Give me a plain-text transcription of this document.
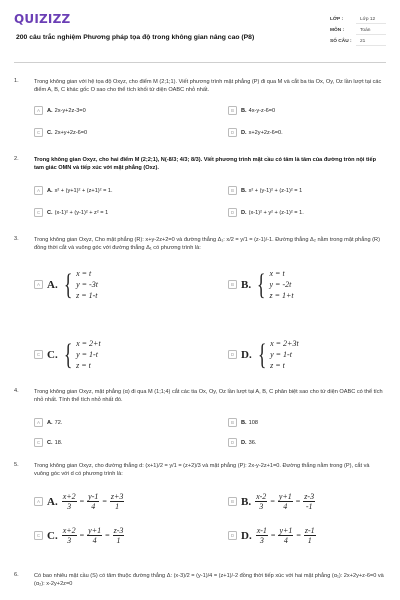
QUIZIZZ
200 câu trắc nghiệm Phương pháp tọa độ trong không gian nâng cao (P8)
LỚP :	Lớp 12
MÔN :	Toán
SỐ CÂU :	21
1.	Trong không gian với hệ tọa độ Oxyz, cho điểm M (2;1;1). Viết phương trình mặt phẳng (P) đi qua M và cắt ba tia Ox, Oy, Oz lần lượt tại các điểm A, B, C khác gốc O sao cho thể tích khối tứ diện OABC nhỏ nhất.
A	A. 2x-y+2z-3=0	B	B. 4x-y-z-6=0
C	C. 2x+y+2z-6=0	D	D. x+2y+2z-6=0.
2.	Trong không gian Oxyz, cho hai điểm M (2;2;1), N(-8/3; 4/3; 8/3). Viết phương trình mặt cầu có tâm là tâm của đường tròn nội tiếp tam giác OMN và tiếp xúc với mặt phẳng (Oxz).
A	A. x² + (y+1)² + (z+1)² = 1.	B	B. x² + (y-1)² + (z-1)² = 1
C	C. (x-1)² + (y-1)² + z² = 1	D	D. (x-1)² + y² + (z-1)² = 1.
3.	Trong không gian Oxyz, Cho mặt phẳng (R): x+y-2z+2=0 và đường thẳng Δ₁: x/2 = y/1 = (z-1)/-1. Đường thẳng Δ₂ nằm trong mặt phẳng (R) đồng thời cắt và vuông góc với đường thẳng Δ₁ có phương trình là:
A A. { x = t
y = -3t
z = 1-t
B B. { x = t
y = -2t
z = 1+t
C C. { x = 2+t
y = 1-t
z = t
D D. { x = 2+3t
y = 1-t
z = t
4.	Trong không gian Oxyz, mặt phẳng (α) đi qua M (1;1;4) cắt các tia Ox, Oy, Oz lần lượt tại A, B, C phân biệt sao cho tứ diện OABC có thể tích nhỏ nhất. Tính thể tích nhỏ nhất đó.
A	A. 72.	B	B. 108
C	C. 18.	D	D. 36.
5.	Trong không gian Oxyz, cho đường thẳng d: (x+1)/2 = y/1 = (z+2)/3 và mặt phẳng (P): 2x-y-2z+1=0. Đường thẳng nằm trong (P), cắt và vuông góc với d có phương trình là:
A A. $\frac{x+2}{3} = \frac{y-1}{4} = \frac{z+3}{1}$	B B. $\frac{x-2}{3} = \frac{y+1}{4} = \frac{z-3}{-1}$
C C. $\frac{x+2}{3} = \frac{y+1}{4} = \frac{z-3}{1}$	D D. $\frac{x-1}{3} = \frac{y+1}{4} = \frac{z-1}{1}$
6.	Có bao nhiêu mặt cầu (S) có tâm thuộc đường thẳng Δ: (x-3)/2 = (y-1)/4 = (z+1)/-2 đồng thời tiếp xúc với hai mặt phẳng (α₁): 2x+2y+z-6=0 và (α₂): x-2y+2z=0
